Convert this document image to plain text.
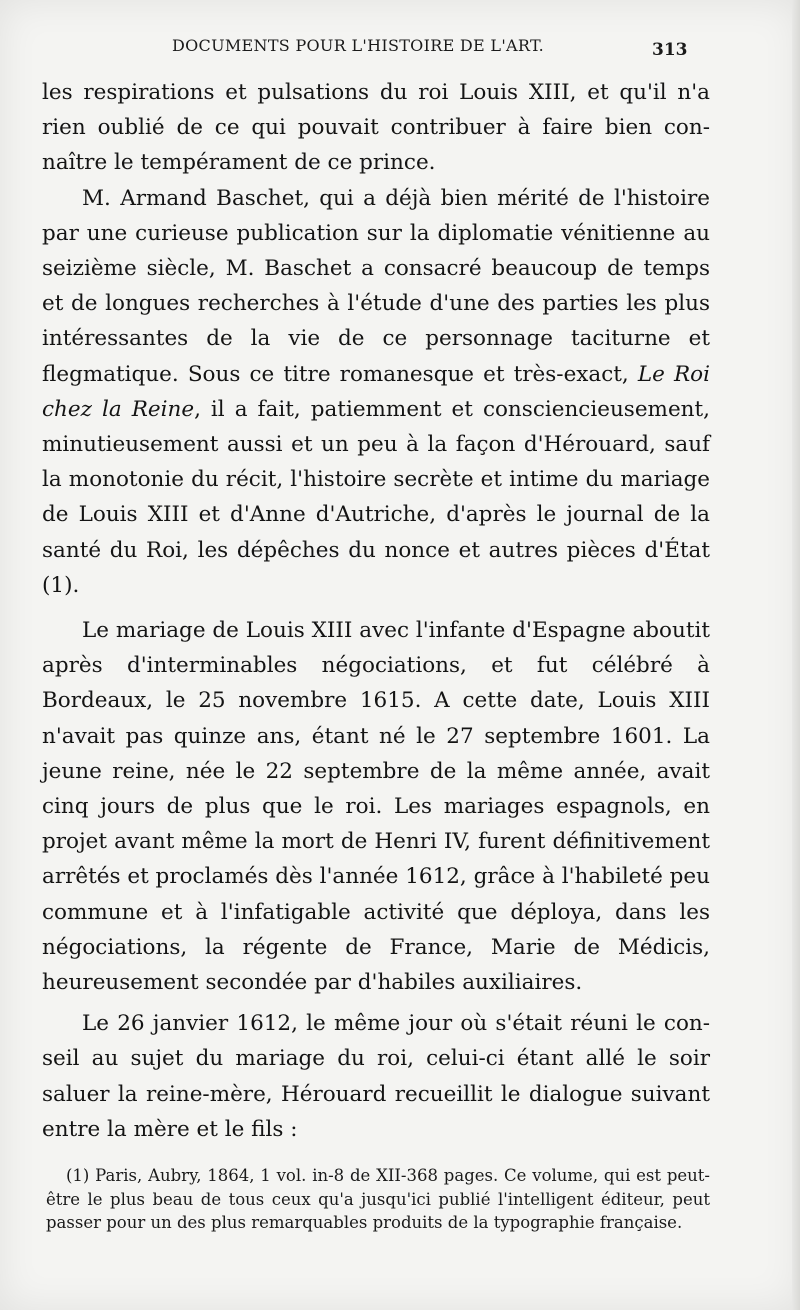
DOCUMENTS POUR L'HISTOIRE DE L'ART.	313

les respirations et pulsations du roi Louis XIII, et qu'il n'a rien oublié de ce qui pouvait contribuer à faire bien connaître le tempérament de ce prince.

M. Armand Baschet, qui a déjà bien mérité de l'histoire par une curieuse publication sur la diplomatie vénitienne au seizième siècle, M. Baschet a consacré beaucoup de temps et de longues recherches à l'étude d'une des parties les plus intéressantes de la vie de ce personnage taciturne et flegmatique. Sous ce titre romanesque et très-exact, Le Roi chez la Reine, il a fait, patiemment et consciencieusement, minutieusement aussi et un peu à la façon d'Hérouard, sauf la monotonie du récit, l'histoire secrète et intime du mariage de Louis XIII et d'Anne d'Autriche, d'après le journal de la santé du Roi, les dépêches du nonce et autres pièces d'État (1).

Le mariage de Louis XIII avec l'infante d'Espagne aboutit après d'interminables négociations, et fut célébré à Bordeaux, le 25 novembre 1615. A cette date, Louis XIII n'avait pas quinze ans, étant né le 27 septembre 1601. La jeune reine, née le 22 septembre de la même année, avait cinq jours de plus que le roi. Les mariages espagnols, en projet avant même la mort de Henri IV, furent définitivement arrêtés et proclamés dès l'année 1612, grâce à l'habileté peu commune et à l'infatigable activité que déploya, dans les négociations, la régente de France, Marie de Médicis, heureusement secondée par d'habiles auxiliaires.

Le 26 janvier 1612, le même jour où s'était réuni le conseil au sujet du mariage du roi, celui-ci étant allé le soir saluer la reine-mère, Hérouard recueillit le dialogue suivant entre la mère et le fils :

(1) Paris, Aubry, 1864, 1 vol. in-8 de XII-368 pages. Ce volume, qui est peut-être le plus beau de tous ceux qu'a jusqu'ici publié l'intelligent éditeur, peut passer pour un des plus remarquables produits de la typographie française.
